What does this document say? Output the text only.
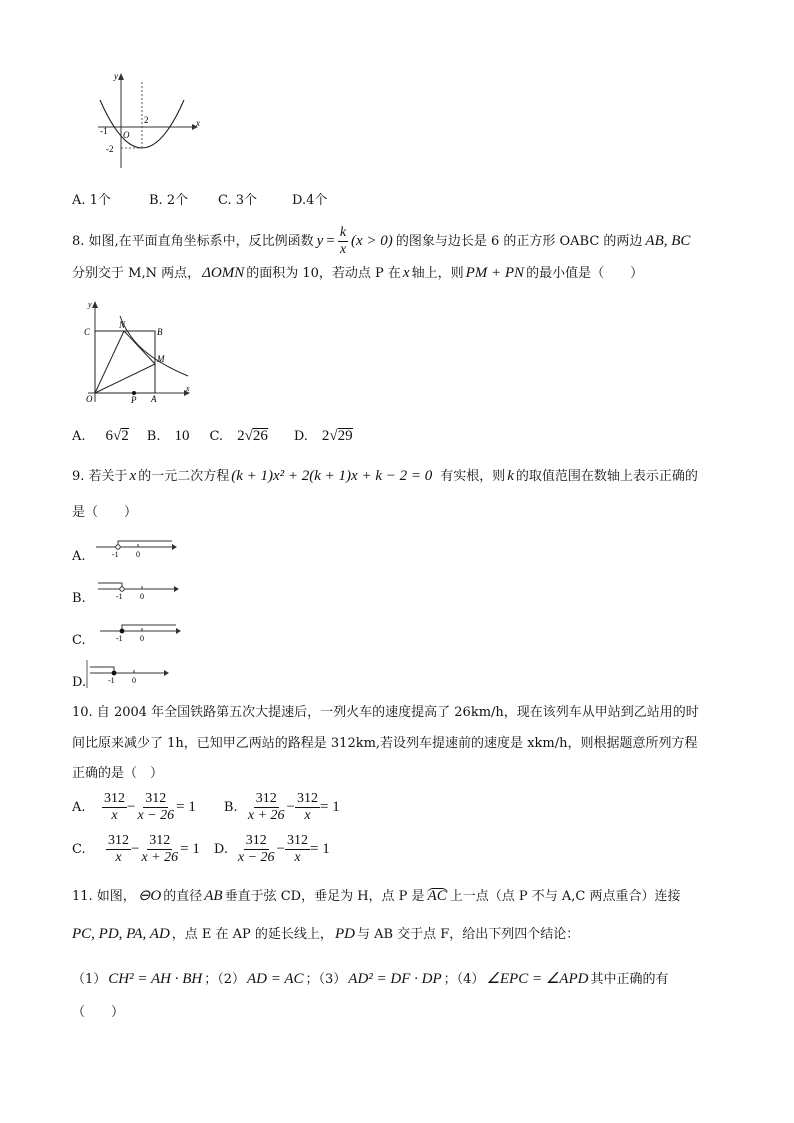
y
x
-1 O
2
-2
A. 1个	B. 2个 C. 3个	D.4个
8. 如图,在平面直角坐标系中，反比例函数 $y = \frac{k}{x} (x > 0)$ 的图象与边长是 6 的正方形 OABC 的两边 AB, BC
分别交于 M,N 两点， ΔOMN 的面积为 10，若动点 P 在 x 轴上，则 PM + PN 的最小值是（　　）
y
C
N
B
M
O	P A
x
A. 6 √ 2 B. 10 C. 2 √ 26 D. 2 √ 29
9. 若关于 x 的一元二次方程 (k + 1)x² + 2(k + 1)x + k − 2 = 0 有实根，则 k 的取值范围在数轴上表示正确的
是（　　）
A.	-1 0
B.	-1 0
C.	-1 0
D.	-1 0
10. 自 2004 年全国铁路第五次大提速后，一列火车的速度提高了 26km/h，现在该列车从甲站到乙站用的时
间比原来减少了 1h，已知甲乙两站的路程是 312km,若设列车提速前的速度是 xkm/h，则根据题意所列方程
正确的是（　）
A.	$\frac{312}{x} - \frac{312}{x - 26} = 1$ B. $\frac{312}{x + 26} - \frac{312}{x} = 1$
C.	$\frac{312}{x} - \frac{312}{x + 26} = 1$ D. $\frac{312}{x - 26} - \frac{312}{x} = 1$
11. 如图， ⊖O 的直径 AB 垂直于弦 CD，垂足为 H，点 P 是 AC 上一点（点 P 不与 A,C 两点重合）连接
PC, PD, PA, AD ，点 E 在 AP 的延长线上， PD 与 AB 交于点 F，给出下列四个结论：
（1） CH² = AH · BH ；（2） AD = AC ；（3） AD² = DF · DP ；（4） ∠EPC = ∠APD 其中正确的有
（　　）
